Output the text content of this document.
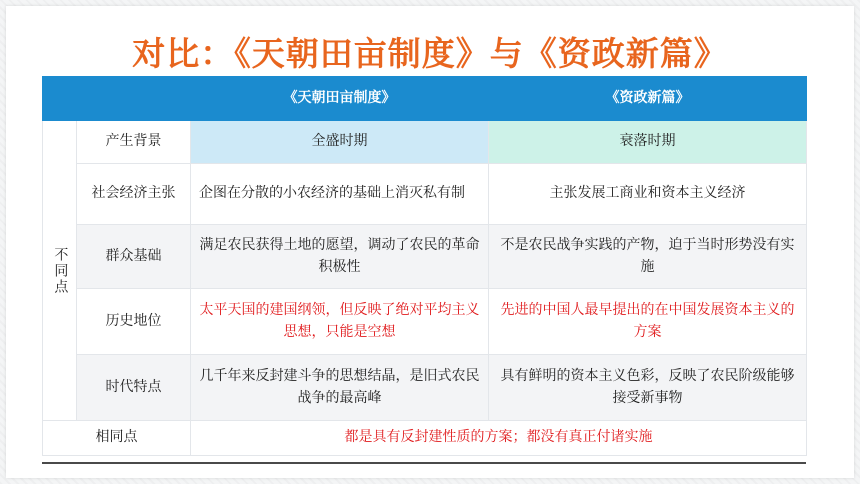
对比：《天朝田亩制度》与《资政新篇》
		《天朝田亩制度》	《资政新篇》
不同点	产生背景	全盛时期	衰落时期
	社会经济主张	企图在分散的小农经济的基础上消灭私有制	主张发展工商业和资本主义经济
	群众基础	满足农民获得土地的愿望，调动了农民的革命积极性	不是农民战争实践的产物，迫于当时形势没有实施
	历史地位	太平天国的建国纲领，但反映了绝对平均主义思想，只能是空想	先进的中国人最早提出的在中国发展资本主义的方案
	时代特点	几千年来反封建斗争的思想结晶，是旧式农民战争的最高峰	具有鲜明的资本主义色彩，反映了农民阶级能够接受新事物
相同点		都是具有反封建性质的方案；都没有真正付诸实施	
